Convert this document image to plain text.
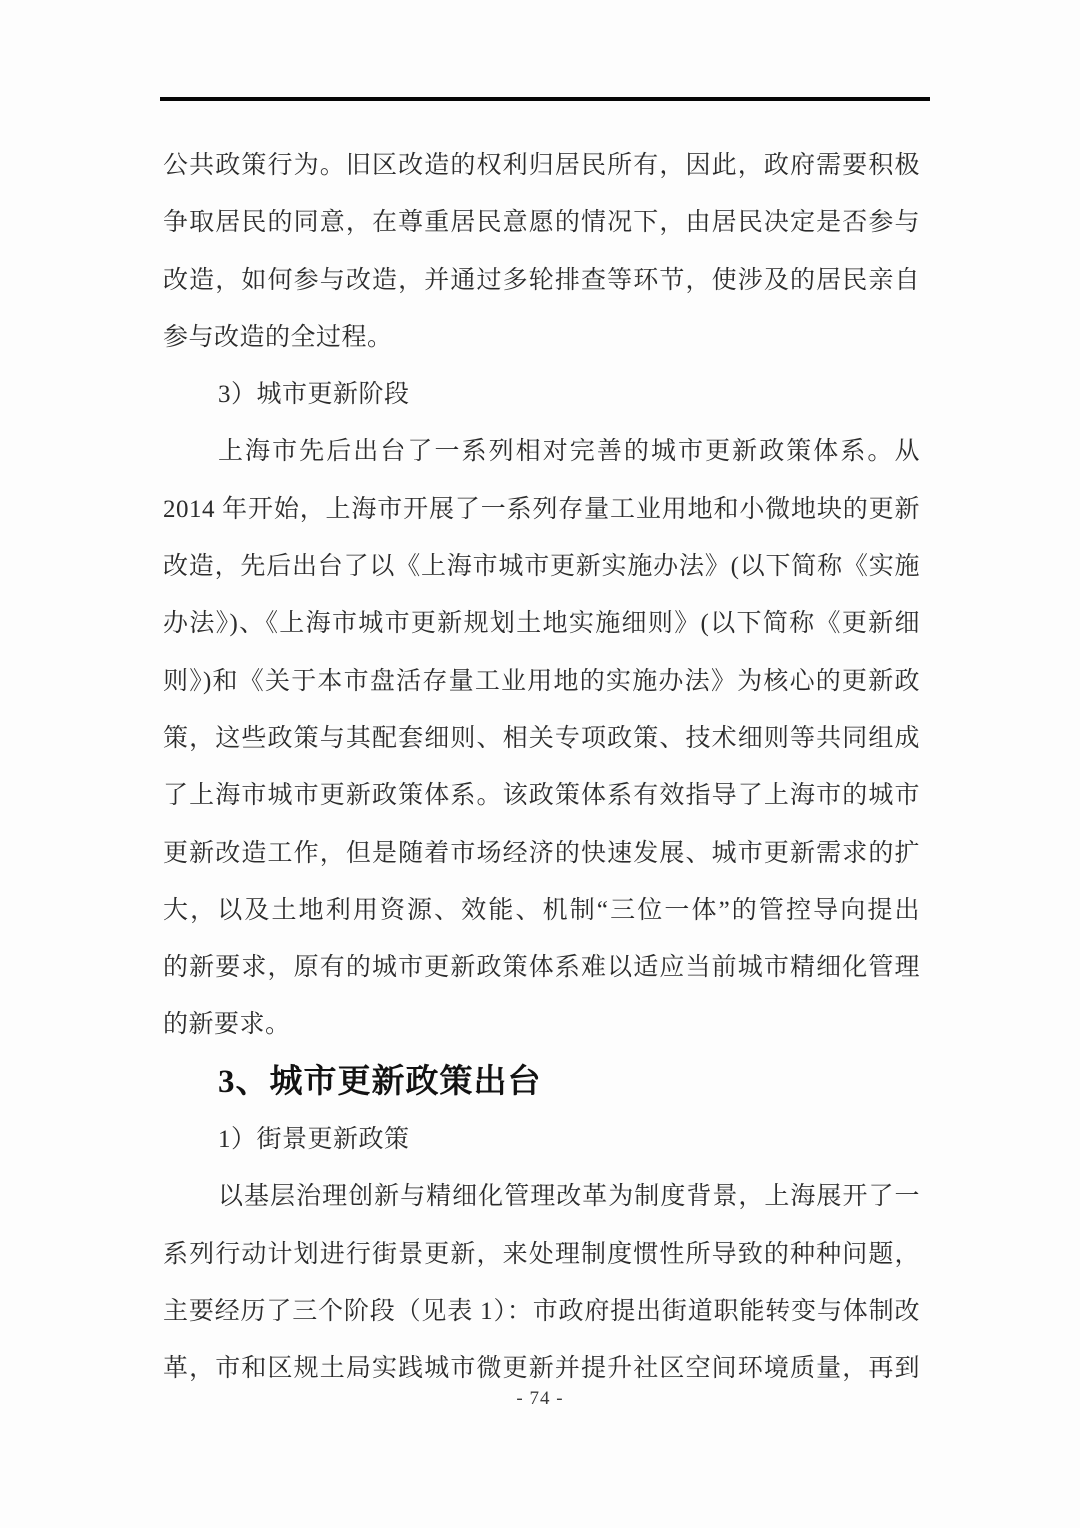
公共政策行为。旧区改造的权利归居民所有，因此，政府需要积极
争取居民的同意，在尊重居民意愿的情况下，由居民决定是否参与
改造，如何参与改造，并通过多轮排查等环节，使涉及的居民亲自
参与改造的全过程。
3）城市更新阶段
上海市先后出台了一系列相对完善的城市更新政策体系。从
2014 年开始，上海市开展了一系列存量工业用地和小微地块的更新
改造，先后出台了以《上海市城市更新实施办法》(以下简称《实施
办法》)、《上海市城市更新规划土地实施细则》(以下简称《更新细
则》)和《关于本市盘活存量工业用地的实施办法》为核心的更新政
策，这些政策与其配套细则、相关专项政策、技术细则等共同组成
了上海市城市更新政策体系。该政策体系有效指导了上海市的城市
更新改造工作，但是随着市场经济的快速发展、城市更新需求的扩
大，以及土地利用资源、效能、机制“三位一体”的管控导向提出
的新要求，原有的城市更新政策体系难以适应当前城市精细化管理
的新要求。
3、城市更新政策出台
1）街景更新政策
以基层治理创新与精细化管理改革为制度背景，上海展开了一
系列行动计划进行街景更新，来处理制度惯性所导致的种种问题，
主要经历了三个阶段（见表 1）：市政府提出街道职能转变与体制改
革，市和区规土局实践城市微更新并提升社区空间环境质量，再到
- 74 -
